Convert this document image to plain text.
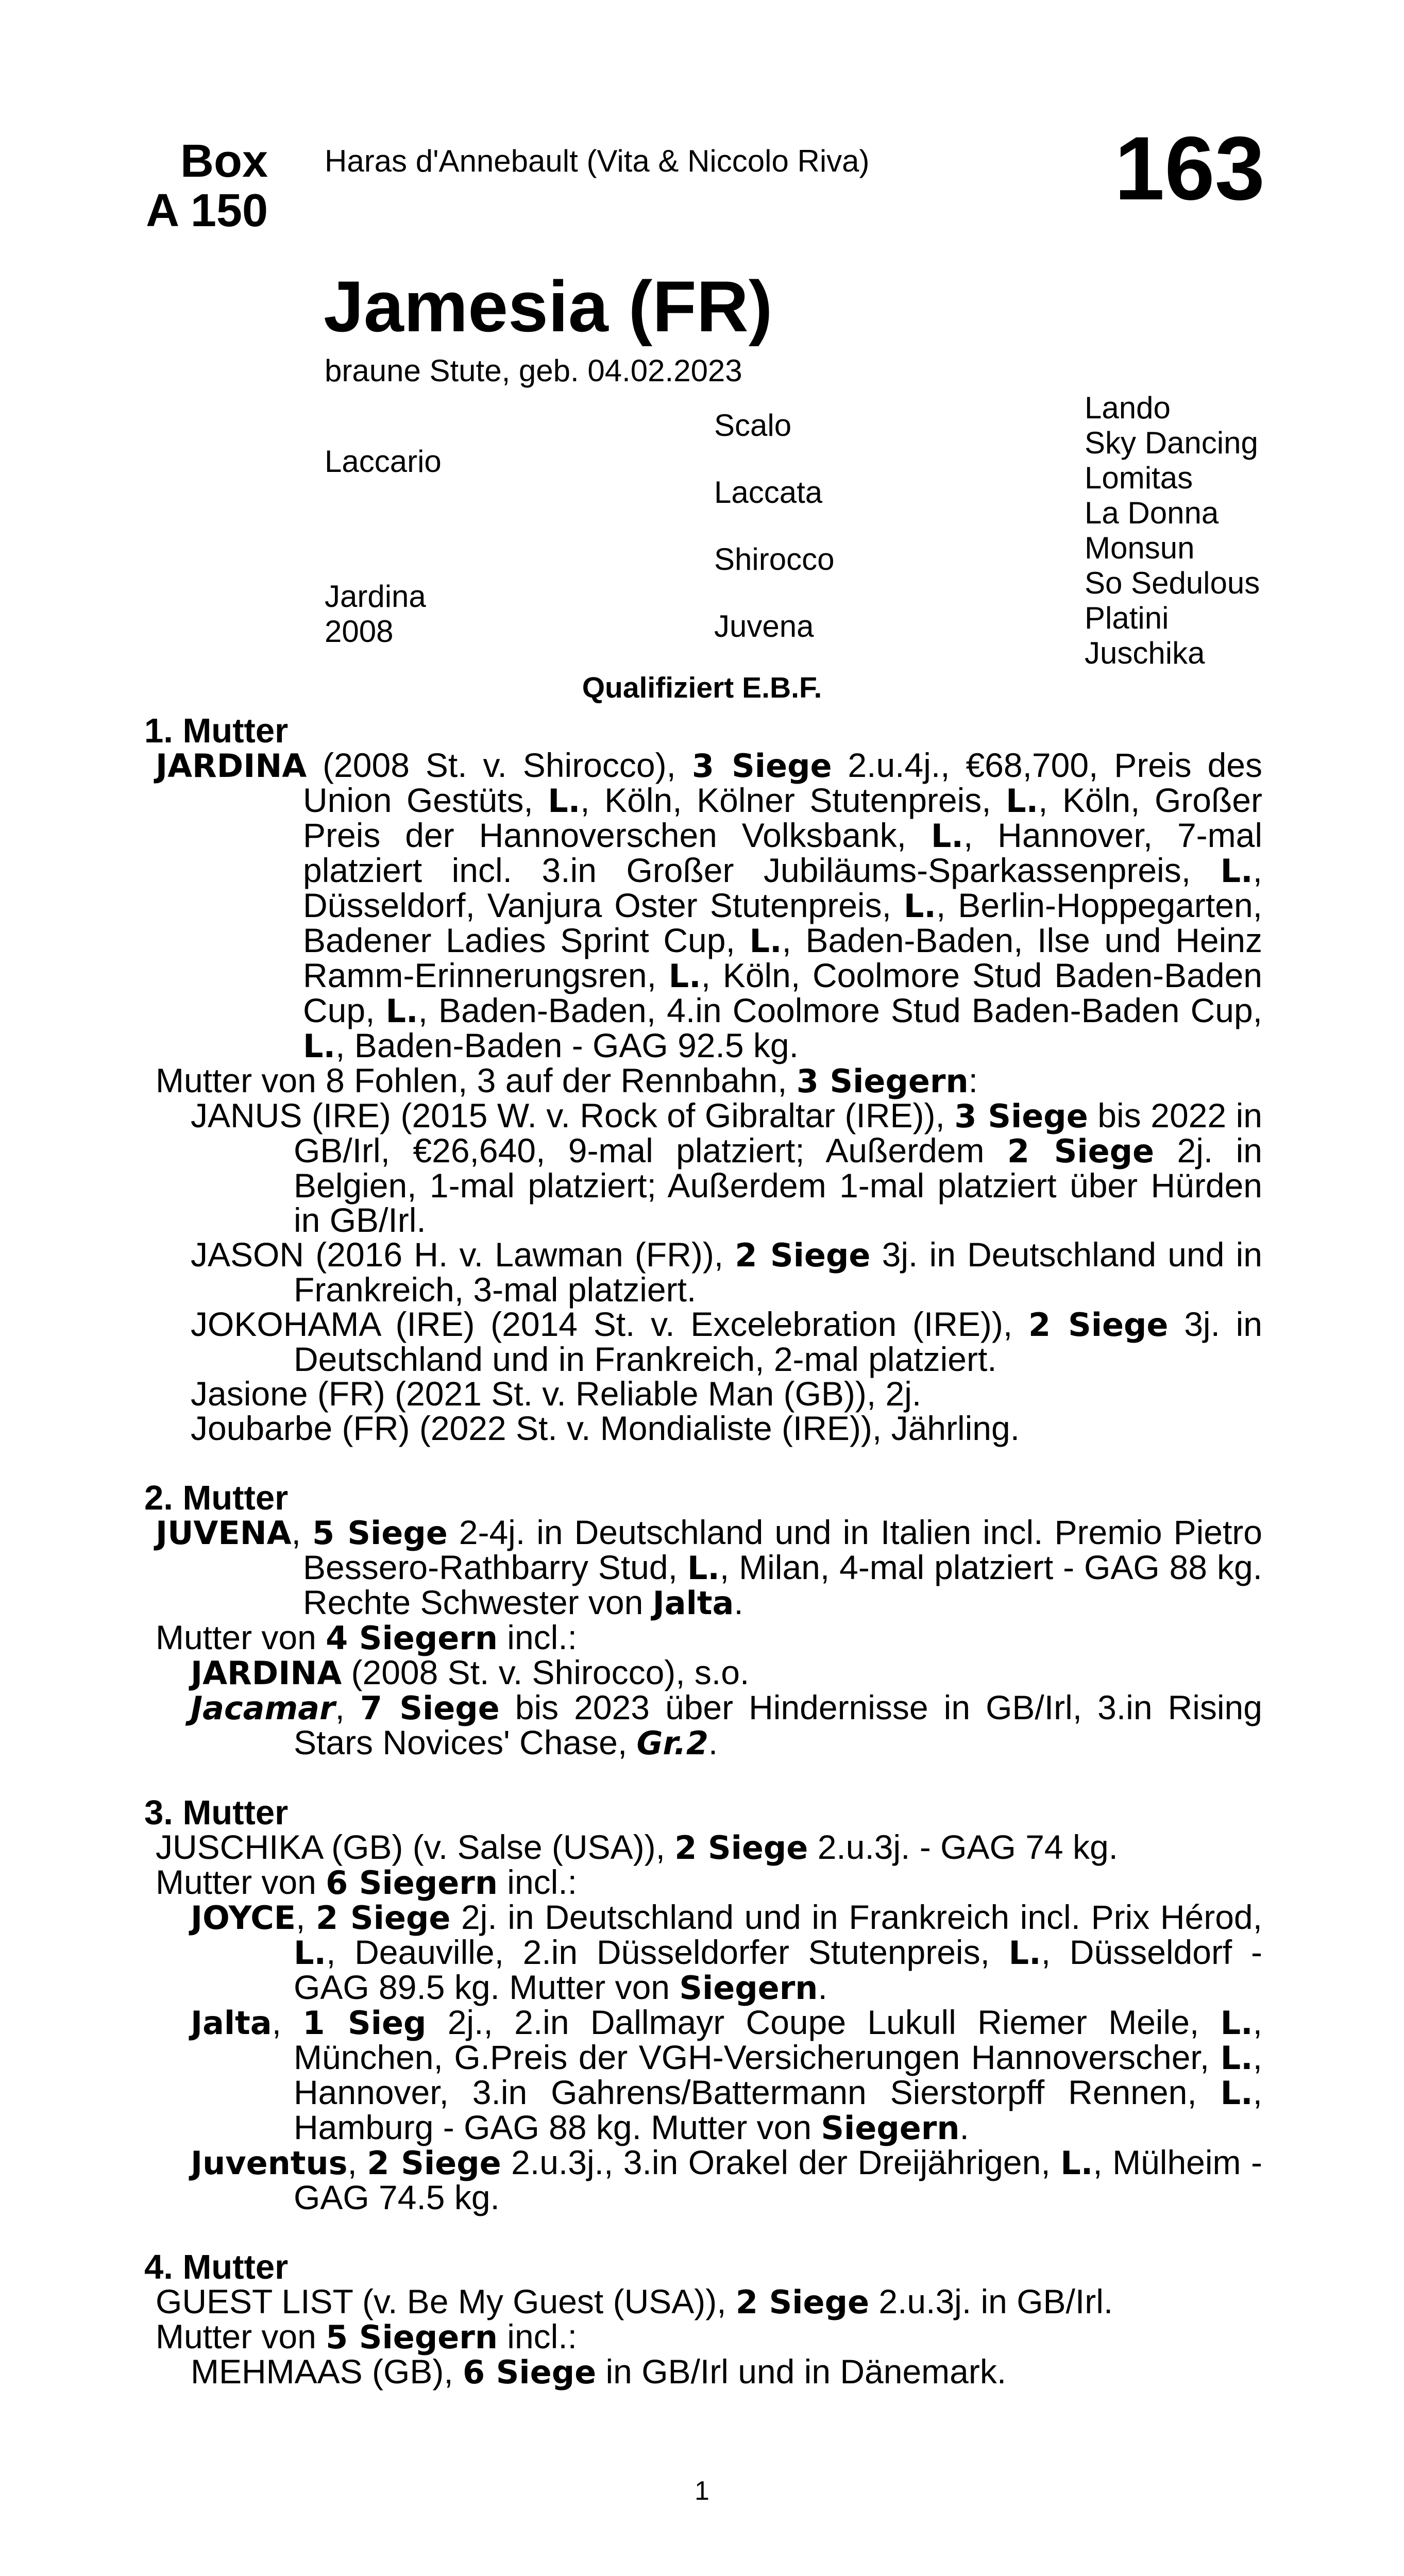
Box
A 150
Haras d'Annebault (Vita & Niccolo Riva)	163
Jamesia (FR)
braune Stute, geb. 04.02.2023
Laccario
Jardina
2008
Scalo
Laccata
Shirocco
Juvena
Lando
Sky Dancing
Lomitas
La Donna
Monsun
So Sedulous
Platini
Juschika
Qualifiziert E.B.F.
1. Mutter
JARDINA (2008 St. v. Shirocco), 3 Siege 2.u.4j., €68,700, Preis des Union Gestüts, L., Köln, Kölner Stutenpreis, L., Köln, Großer Preis der Hannoverschen Volksbank, L., Hannover, 7-mal platziert incl. 3.in Großer Jubiläums-Sparkassenpreis, L., Düsseldorf, Vanjura Oster Stutenpreis, L., Berlin-Hoppegarten, Badener Ladies Sprint Cup, L., Baden-Baden, Ilse und Heinz Ramm-Erinnerungsren, L., Köln, Coolmore Stud Baden-Baden Cup, L., Baden-Baden, 4.in Coolmore Stud Baden-Baden Cup, L., Baden-Baden - GAG 92.5 kg.
Mutter von 8 Fohlen, 3 auf der Rennbahn, 3 Siegern:
JANUS (IRE) (2015 W. v. Rock of Gibraltar (IRE)), 3 Siege bis 2022 in GB/Irl, €26,640, 9-mal platziert; Außerdem 2 Siege 2j. in Belgien, 1-mal platziert; Außerdem 1-mal platziert über Hürden in GB/Irl.
JASON (2016 H. v. Lawman (FR)), 2 Siege 3j. in Deutschland und in Frankreich, 3-mal platziert.
JOKOHAMA (IRE) (2014 St. v. Excelebration (IRE)), 2 Siege 3j. in Deutschland und in Frankreich, 2-mal platziert.
Jasione (FR) (2021 St. v. Reliable Man (GB)), 2j.
Joubarbe (FR) (2022 St. v. Mondialiste (IRE)), Jährling.
2. Mutter
JUVENA, 5 Siege 2-4j. in Deutschland und in Italien incl. Premio Pietro Bessero-Rathbarry Stud, L., Milan, 4-mal platziert - GAG 88 kg. Rechte Schwester von Jalta.
Mutter von 4 Siegern incl.:
JARDINA (2008 St. v. Shirocco), s.o.
Jacamar, 7 Siege bis 2023 über Hindernisse in GB/Irl, 3.in Rising Stars Novices' Chase, Gr.2.
3. Mutter
JUSCHIKA (GB) (v. Salse (USA)), 2 Siege 2.u.3j. - GAG 74 kg.
Mutter von 6 Siegern incl.:
JOYCE, 2 Siege 2j. in Deutschland und in Frankreich incl. Prix Hérod, L., Deauville, 2.in Düsseldorfer Stutenpreis, L., Düsseldorf - GAG 89.5 kg. Mutter von Siegern.
Jalta, 1 Sieg 2j., 2.in Dallmayr Coupe Lukull Riemer Meile, L., München, G.Preis der VGH-Versicherungen Hannoverscher, L., Hannover, 3.in Gahrens/Battermann Sierstorpff Rennen, L., Hamburg - GAG 88 kg. Mutter von Siegern.
Juventus, 2 Siege 2.u.3j., 3.in Orakel der Dreijährigen, L., Mülheim - GAG 74.5 kg.
4. Mutter
GUEST LIST (v. Be My Guest (USA)), 2 Siege 2.u.3j. in GB/Irl.
Mutter von 5 Siegern incl.:
MEHMAAS (GB), 6 Siege in GB/Irl und in Dänemark.
1
